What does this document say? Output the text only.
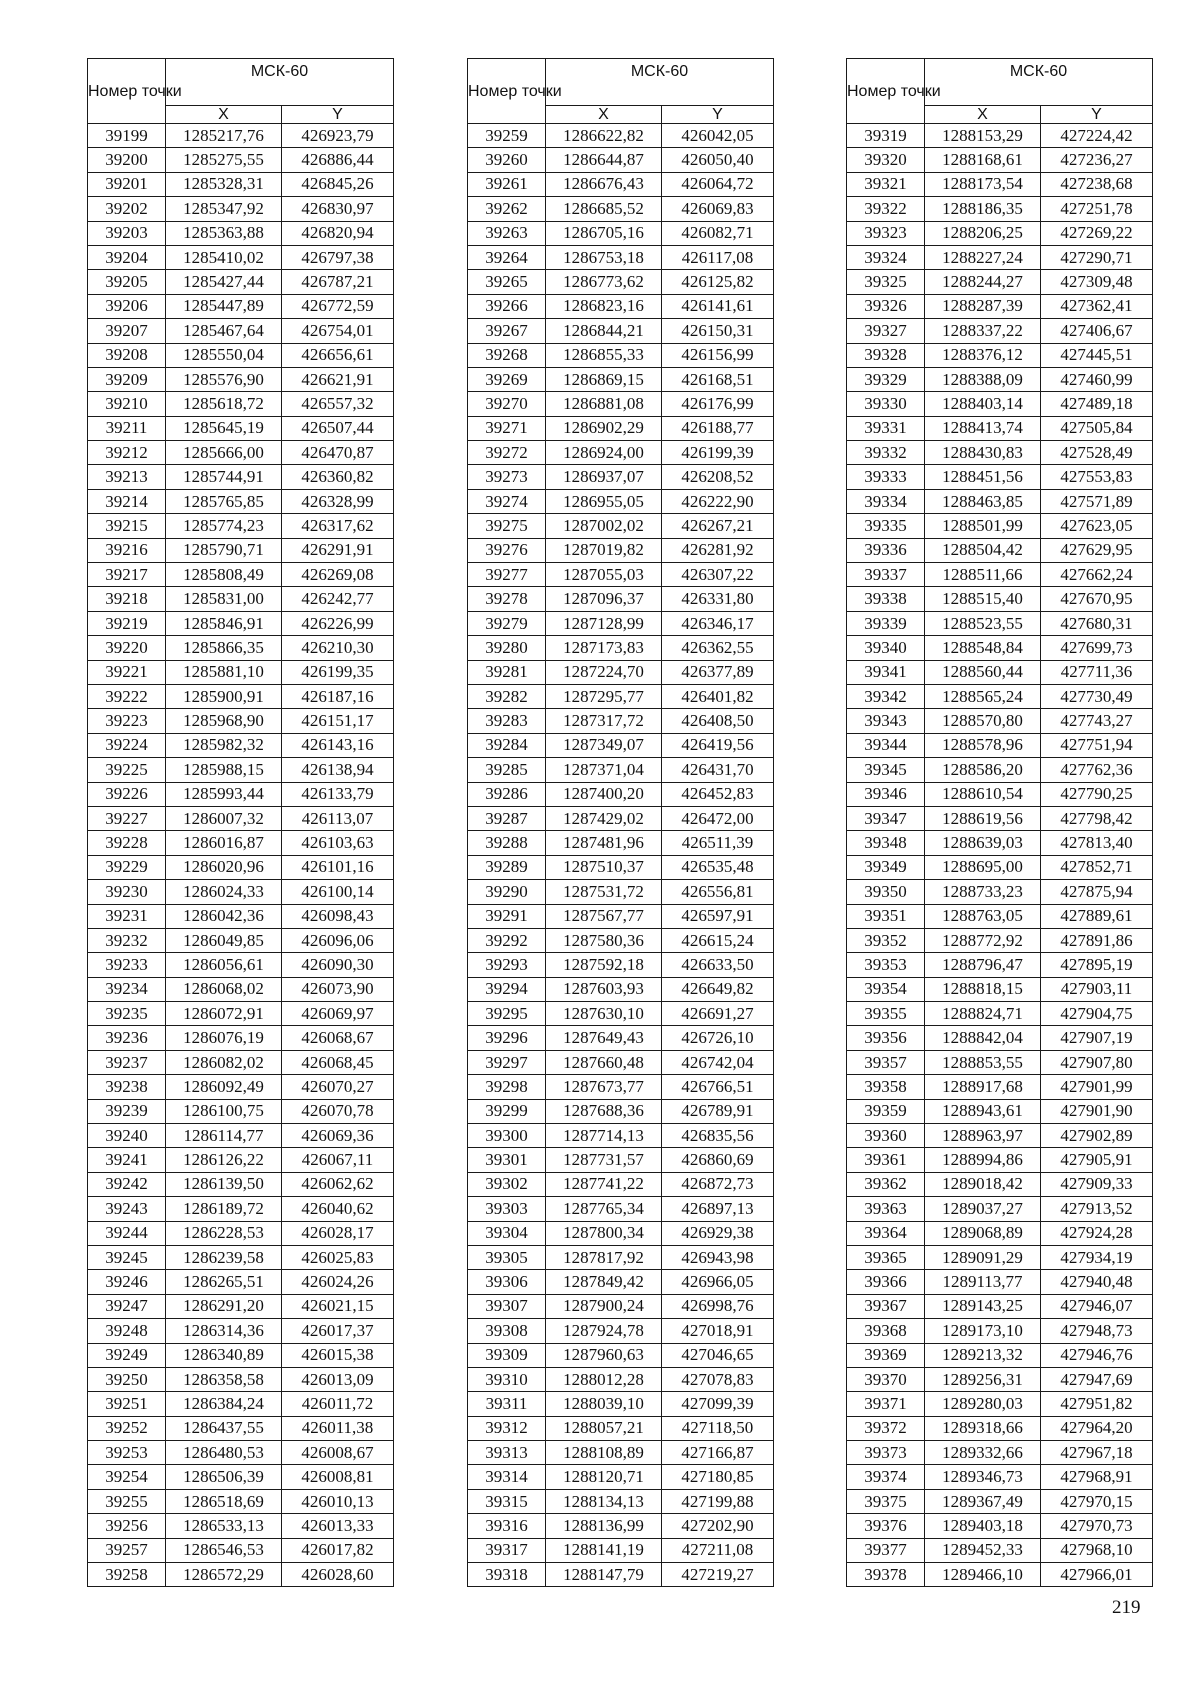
Номер точки	МСК-60	
	X	Y
39199	1285217,76	426923,79
39200	1285275,55	426886,44
39201	1285328,31	426845,26
39202	1285347,92	426830,97
39203	1285363,88	426820,94
39204	1285410,02	426797,38
39205	1285427,44	426787,21
39206	1285447,89	426772,59
39207	1285467,64	426754,01
39208	1285550,04	426656,61
39209	1285576,90	426621,91
39210	1285618,72	426557,32
39211	1285645,19	426507,44
39212	1285666,00	426470,87
39213	1285744,91	426360,82
39214	1285765,85	426328,99
39215	1285774,23	426317,62
39216	1285790,71	426291,91
39217	1285808,49	426269,08
39218	1285831,00	426242,77
39219	1285846,91	426226,99
39220	1285866,35	426210,30
39221	1285881,10	426199,35
39222	1285900,91	426187,16
39223	1285968,90	426151,17
39224	1285982,32	426143,16
39225	1285988,15	426138,94
39226	1285993,44	426133,79
39227	1286007,32	426113,07
39228	1286016,87	426103,63
39229	1286020,96	426101,16
39230	1286024,33	426100,14
39231	1286042,36	426098,43
39232	1286049,85	426096,06
39233	1286056,61	426090,30
39234	1286068,02	426073,90
39235	1286072,91	426069,97
39236	1286076,19	426068,67
39237	1286082,02	426068,45
39238	1286092,49	426070,27
39239	1286100,75	426070,78
39240	1286114,77	426069,36
39241	1286126,22	426067,11
39242	1286139,50	426062,62
39243	1286189,72	426040,62
39244	1286228,53	426028,17
39245	1286239,58	426025,83
39246	1286265,51	426024,26
39247	1286291,20	426021,15
39248	1286314,36	426017,37
39249	1286340,89	426015,38
39250	1286358,58	426013,09
39251	1286384,24	426011,72
39252	1286437,55	426011,38
39253	1286480,53	426008,67
39254	1286506,39	426008,81
39255	1286518,69	426010,13
39256	1286533,13	426013,33
39257	1286546,53	426017,82
39258	1286572,29	426028,60
Номер точки	МСК-60	
	X	Y
39259	1286622,82	426042,05
39260	1286644,87	426050,40
39261	1286676,43	426064,72
39262	1286685,52	426069,83
39263	1286705,16	426082,71
39264	1286753,18	426117,08
39265	1286773,62	426125,82
39266	1286823,16	426141,61
39267	1286844,21	426150,31
39268	1286855,33	426156,99
39269	1286869,15	426168,51
39270	1286881,08	426176,99
39271	1286902,29	426188,77
39272	1286924,00	426199,39
39273	1286937,07	426208,52
39274	1286955,05	426222,90
39275	1287002,02	426267,21
39276	1287019,82	426281,92
39277	1287055,03	426307,22
39278	1287096,37	426331,80
39279	1287128,99	426346,17
39280	1287173,83	426362,55
39281	1287224,70	426377,89
39282	1287295,77	426401,82
39283	1287317,72	426408,50
39284	1287349,07	426419,56
39285	1287371,04	426431,70
39286	1287400,20	426452,83
39287	1287429,02	426472,00
39288	1287481,96	426511,39
39289	1287510,37	426535,48
39290	1287531,72	426556,81
39291	1287567,77	426597,91
39292	1287580,36	426615,24
39293	1287592,18	426633,50
39294	1287603,93	426649,82
39295	1287630,10	426691,27
39296	1287649,43	426726,10
39297	1287660,48	426742,04
39298	1287673,77	426766,51
39299	1287688,36	426789,91
39300	1287714,13	426835,56
39301	1287731,57	426860,69
39302	1287741,22	426872,73
39303	1287765,34	426897,13
39304	1287800,34	426929,38
39305	1287817,92	426943,98
39306	1287849,42	426966,05
39307	1287900,24	426998,76
39308	1287924,78	427018,91
39309	1287960,63	427046,65
39310	1288012,28	427078,83
39311	1288039,10	427099,39
39312	1288057,21	427118,50
39313	1288108,89	427166,87
39314	1288120,71	427180,85
39315	1288134,13	427199,88
39316	1288136,99	427202,90
39317	1288141,19	427211,08
39318	1288147,79	427219,27
Номер точки	МСК-60	
	X	Y
39319	1288153,29	427224,42
39320	1288168,61	427236,27
39321	1288173,54	427238,68
39322	1288186,35	427251,78
39323	1288206,25	427269,22
39324	1288227,24	427290,71
39325	1288244,27	427309,48
39326	1288287,39	427362,41
39327	1288337,22	427406,67
39328	1288376,12	427445,51
39329	1288388,09	427460,99
39330	1288403,14	427489,18
39331	1288413,74	427505,84
39332	1288430,83	427528,49
39333	1288451,56	427553,83
39334	1288463,85	427571,89
39335	1288501,99	427623,05
39336	1288504,42	427629,95
39337	1288511,66	427662,24
39338	1288515,40	427670,95
39339	1288523,55	427680,31
39340	1288548,84	427699,73
39341	1288560,44	427711,36
39342	1288565,24	427730,49
39343	1288570,80	427743,27
39344	1288578,96	427751,94
39345	1288586,20	427762,36
39346	1288610,54	427790,25
39347	1288619,56	427798,42
39348	1288639,03	427813,40
39349	1288695,00	427852,71
39350	1288733,23	427875,94
39351	1288763,05	427889,61
39352	1288772,92	427891,86
39353	1288796,47	427895,19
39354	1288818,15	427903,11
39355	1288824,71	427904,75
39356	1288842,04	427907,19
39357	1288853,55	427907,80
39358	1288917,68	427901,99
39359	1288943,61	427901,90
39360	1288963,97	427902,89
39361	1288994,86	427905,91
39362	1289018,42	427909,33
39363	1289037,27	427913,52
39364	1289068,89	427924,28
39365	1289091,29	427934,19
39366	1289113,77	427940,48
39367	1289143,25	427946,07
39368	1289173,10	427948,73
39369	1289213,32	427946,76
39370	1289256,31	427947,69
39371	1289280,03	427951,82
39372	1289318,66	427964,20
39373	1289332,66	427967,18
39374	1289346,73	427968,91
39375	1289367,49	427970,15
39376	1289403,18	427970,73
39377	1289452,33	427968,10
39378	1289466,10	427966,01
219
